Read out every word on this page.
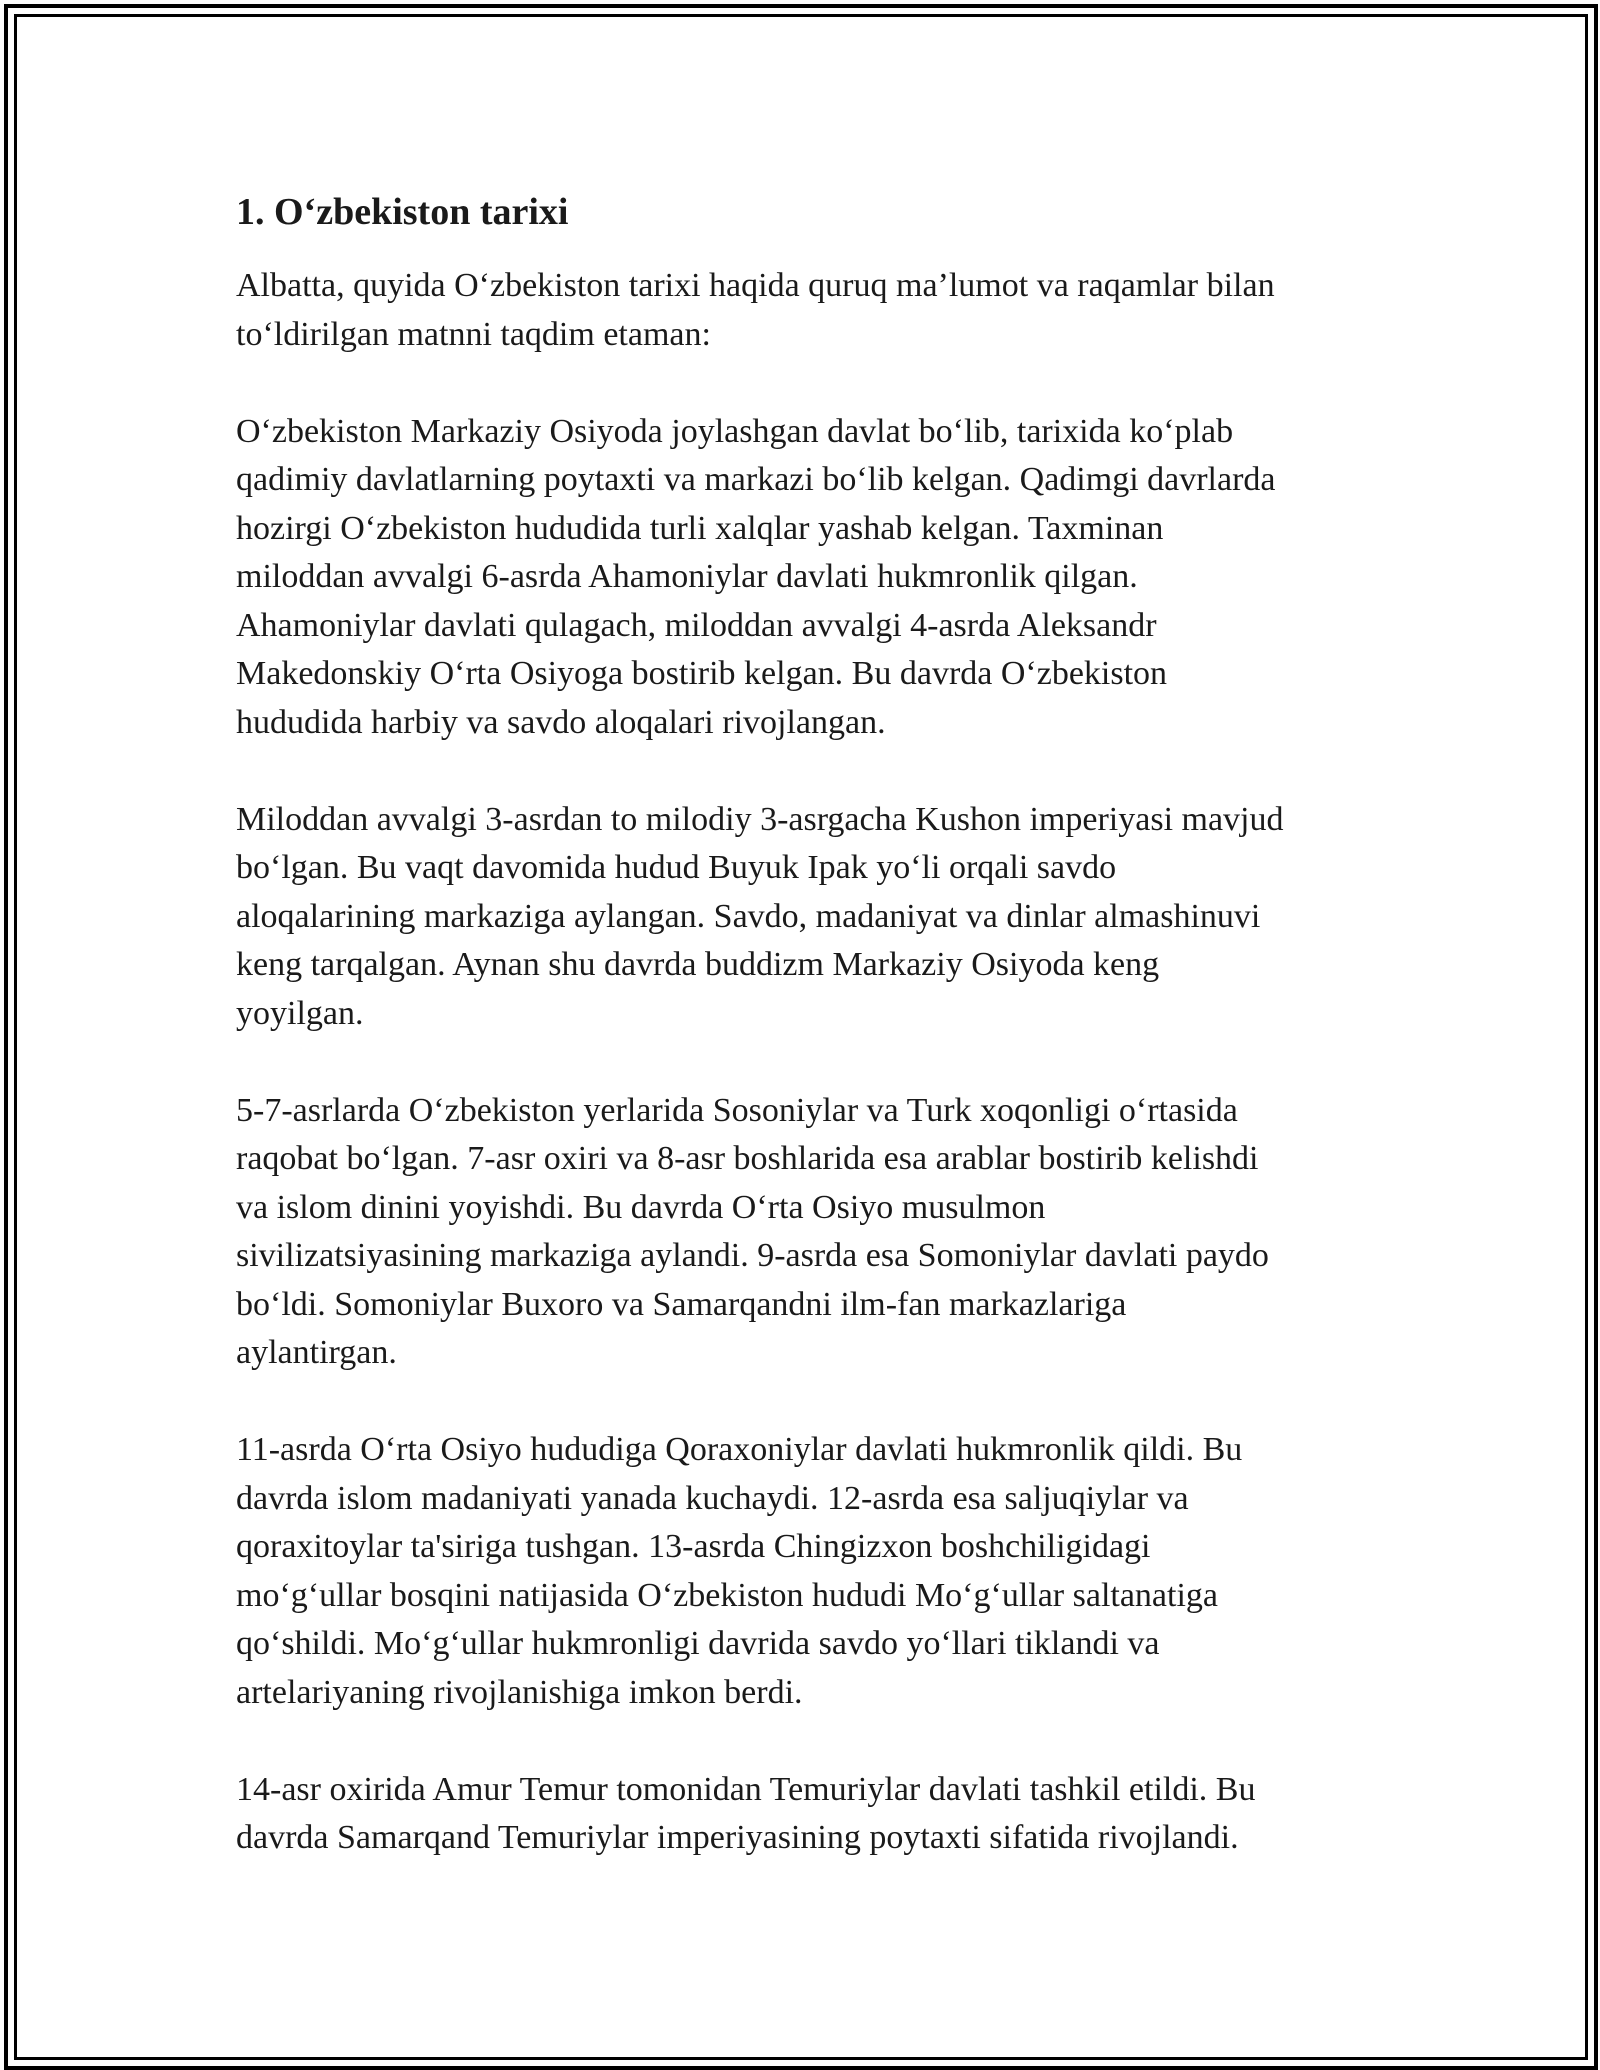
1. O‘zbekiston tarixi
Albatta, quyida O‘zbekiston tarixi haqida quruq ma’lumot va raqamlar bilan
to‘ldirilgan matnni taqdim etaman:
O‘zbekiston Markaziy Osiyoda joylashgan davlat bo‘lib, tarixida ko‘plab
qadimiy davlatlarning poytaxti va markazi bo‘lib kelgan. Qadimgi davrlarda
hozirgi O‘zbekiston hududida turli xalqlar yashab kelgan. Taxminan
miloddan avvalgi 6-asrda Ahamoniylar davlati hukmronlik qilgan.
Ahamoniylar davlati qulagach, miloddan avvalgi 4-asrda Aleksandr
Makedonskiy O‘rta Osiyoga bostirib kelgan. Bu davrda O‘zbekiston
hududida harbiy va savdo aloqalari rivojlangan.
Miloddan avvalgi 3-asrdan to milodiy 3-asrgacha Kushon imperiyasi mavjud
bo‘lgan. Bu vaqt davomida hudud Buyuk Ipak yo‘li orqali savdo
aloqalarining markaziga aylangan. Savdo, madaniyat va dinlar almashinuvi
keng tarqalgan. Aynan shu davrda buddizm Markaziy Osiyoda keng
yoyilgan.
5-7-asrlarda O‘zbekiston yerlarida Sosoniylar va Turk xoqonligi o‘rtasida
raqobat bo‘lgan. 7-asr oxiri va 8-asr boshlarida esa arablar bostirib kelishdi
va islom dinini yoyishdi. Bu davrda O‘rta Osiyo musulmon
sivilizatsiyasining markaziga aylandi. 9-asrda esa Somoniylar davlati paydo
bo‘ldi. Somoniylar Buxoro va Samarqandni ilm-fan markazlariga
aylantirgan.
11-asrda O‘rta Osiyo hududiga Qoraxoniylar davlati hukmronlik qildi. Bu
davrda islom madaniyati yanada kuchaydi. 12-asrda esa saljuqiylar va
qoraxitoylar ta'siriga tushgan. 13-asrda Chingizxon boshchiligidagi
mo‘g‘ullar bosqini natijasida O‘zbekiston hududi Mo‘g‘ullar saltanatiga
qo‘shildi. Mo‘g‘ullar hukmronligi davrida savdo yo‘llari tiklandi va
artelariyaning rivojlanishiga imkon berdi.
14-asr oxirida Amur Temur tomonidan Temuriylar davlati tashkil etildi. Bu
davrda Samarqand Temuriylar imperiyasining poytaxti sifatida rivojlandi.
